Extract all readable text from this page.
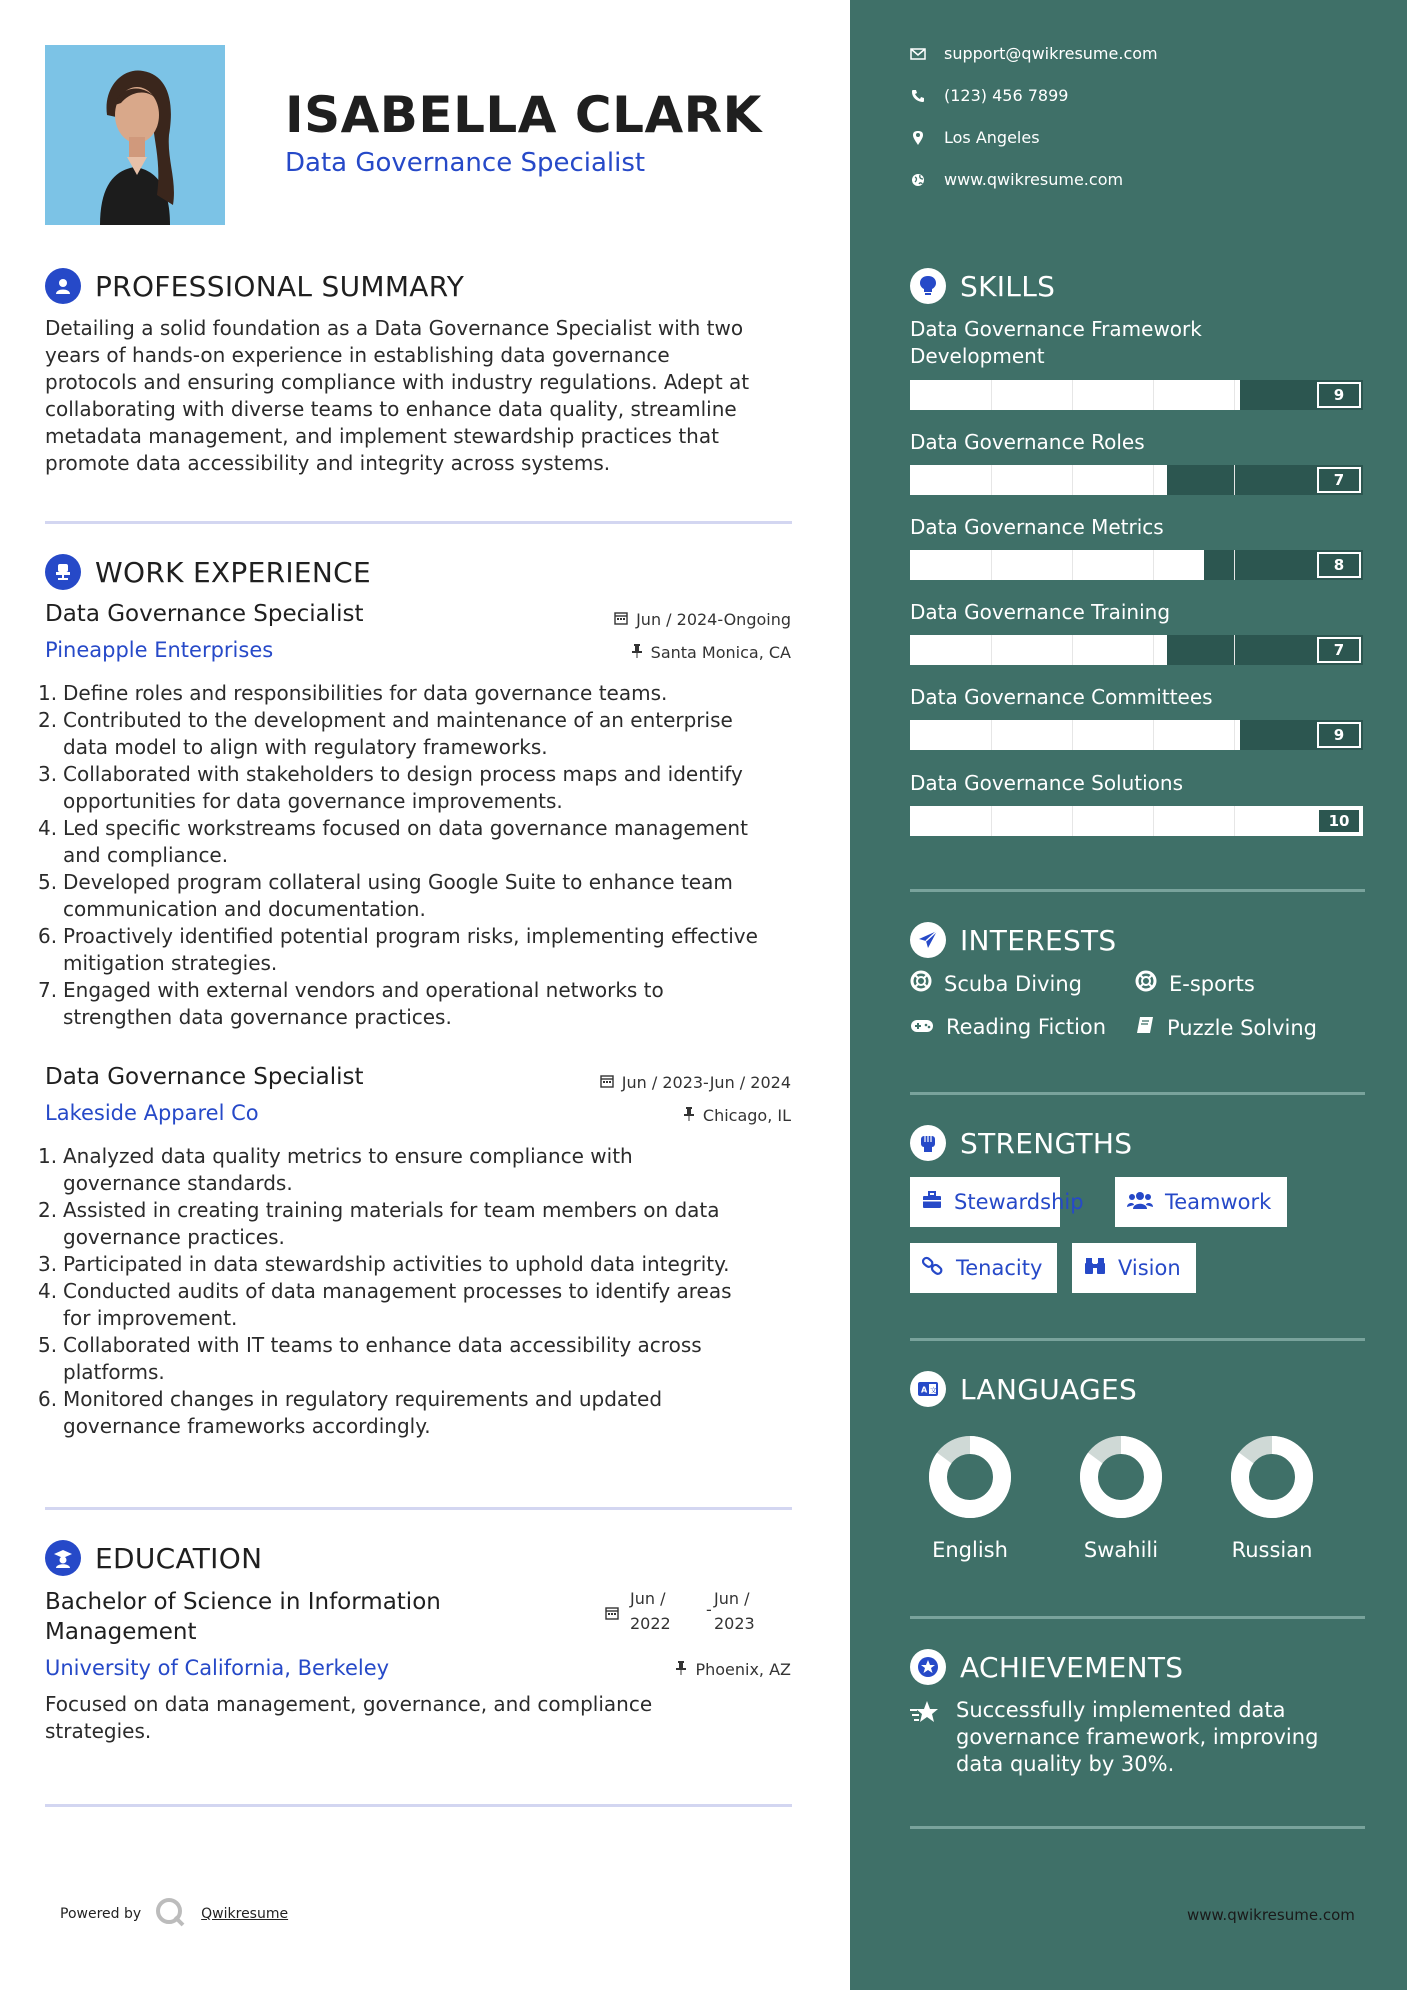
ISABELLA CLARK
Data Governance Specialist
PROFESSIONAL SUMMARY
Detailing a solid foundation as a Data Governance Specialist with two
years of hands-on experience in establishing data governance
protocols and ensuring compliance with industry regulations. Adept at
collaborating with diverse teams to enhance data quality, streamline
metadata management, and implement stewardship practices that
promote data accessibility and integrity across systems.
WORK EXPERIENCE
Data Governance Specialist	Jun / 2024-Ongoing
Pineapple Enterprises	Santa Monica, CA
1. Define roles and responsibilities for data governance teams.
2. Contributed to the development and maintenance of an enterprise
data model to align with regulatory frameworks.
3. Collaborated with stakeholders to design process maps and identify
opportunities for data governance improvements.
4. Led specific workstreams focused on data governance management
and compliance.
5. Developed program collateral using Google Suite to enhance team
communication and documentation.
6. Proactively identified potential program risks, implementing effective
mitigation strategies.
7. Engaged with external vendors and operational networks to
strengthen data governance practices.
Data Governance Specialist	Jun / 2023-Jun / 2024
Lakeside Apparel Co	Chicago, IL
1. Analyzed data quality metrics to ensure compliance with
governance standards.
2. Assisted in creating training materials for team members on data
governance practices.
3. Participated in data stewardship activities to uphold data integrity.
4. Conducted audits of data management processes to identify areas
for improvement.
5. Collaborated with IT teams to enhance data accessibility across
platforms.
6. Monitored changes in regulatory requirements and updated
governance frameworks accordingly.
EDUCATION
Bachelor of Science in Information
Management
Jun /
2022
-
Jun /
2023
University of California, Berkeley	Phoenix, AZ
Focused on data management, governance, and compliance
strategies.
Powered by	Qwikresume
support@qwikresume.com
(123) 456 7899
Los Angeles
www.qwikresume.com
SKILLS
Data Governance Framework
Development
9
Data Governance Roles
7
Data Governance Metrics
8
Data Governance Training
7
Data Governance Committees
9
Data Governance Solutions
10
INTERESTS
Scuba Diving	E-sports
Reading Fiction	Puzzle Solving
STRENGTHS
Stewardship	Teamwork
Tenacity	Vision
A 文 LANGUAGES
English	Swahili	Russian
ACHIEVEMENTS
Successfully implemented data
governance framework, improving
data quality by 30%.
www.qwikresume.com
